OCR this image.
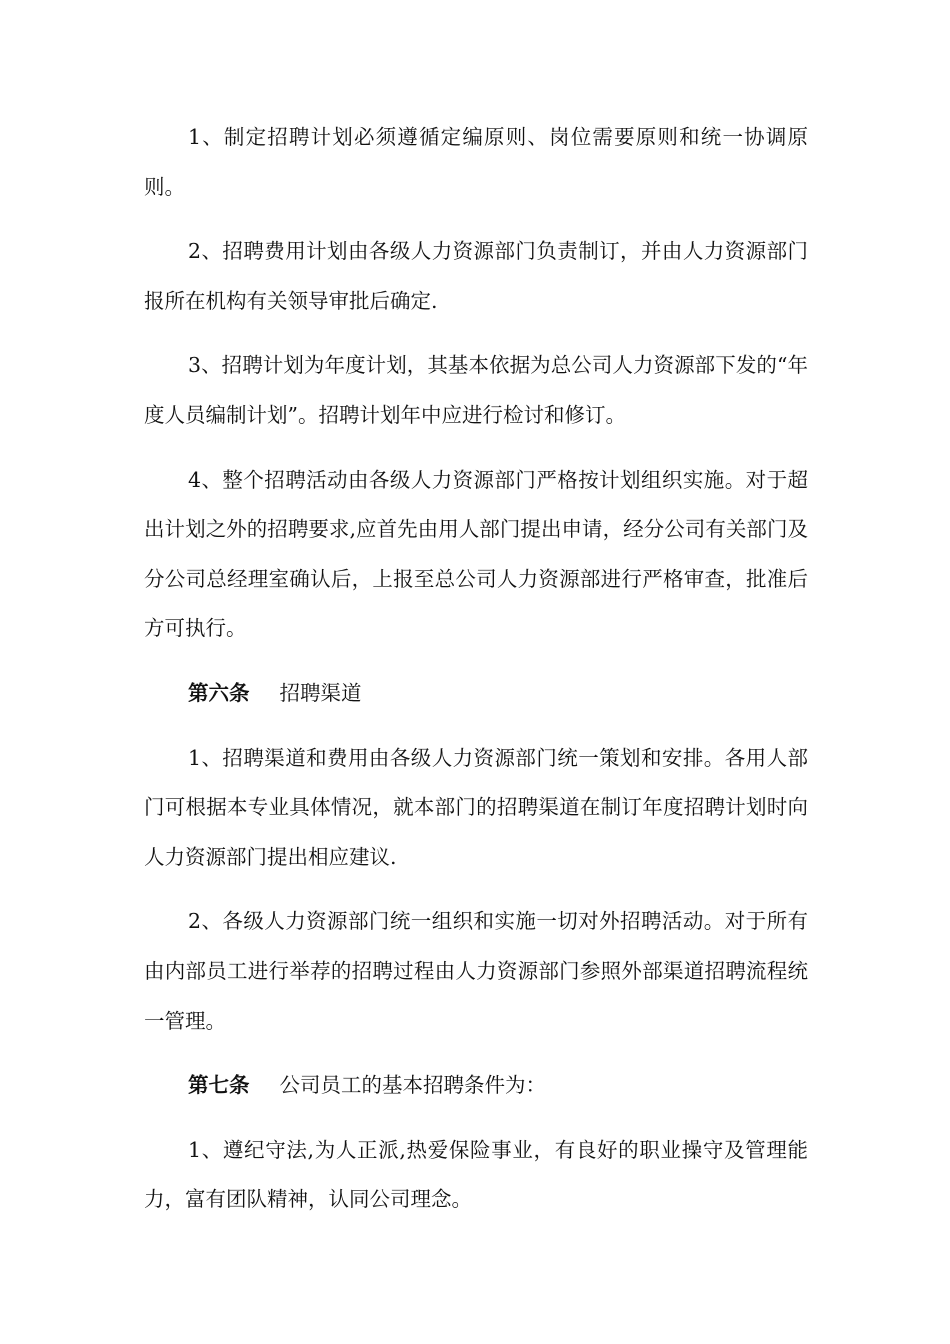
1、制定招聘计划必须遵循定编原则、岗位需要原则和统一协调原则。

2、招聘费用计划由各级人力资源部门负责制订，并由人力资源部门报所在机构有关领导审批后确定.

3、招聘计划为年度计划，其基本依据为总公司人力资源部下发的“年度人员编制计划”。招聘计划年中应进行检讨和修订。

4、整个招聘活动由各级人力资源部门严格按计划组织实施。对于超出计划之外的招聘要求,应首先由用人部门提出申请，经分公司有关部门及分公司总经理室确认后，上报至总公司人力资源部进行严格审查，批准后方可执行。

第六条 招聘渠道

1、招聘渠道和费用由各级人力资源部门统一策划和安排。各用人部门可根据本专业具体情况，就本部门的招聘渠道在制订年度招聘计划时向人力资源部门提出相应建议.

2、各级人力资源部门统一组织和实施一切对外招聘活动。对于所有由内部员工进行举荐的招聘过程由人力资源部门参照外部渠道招聘流程统一管理。

第七条 公司员工的基本招聘条件为：

1、遵纪守法,为人正派,热爱保险事业，有良好的职业操守及管理能力，富有团队精神，认同公司理念。
